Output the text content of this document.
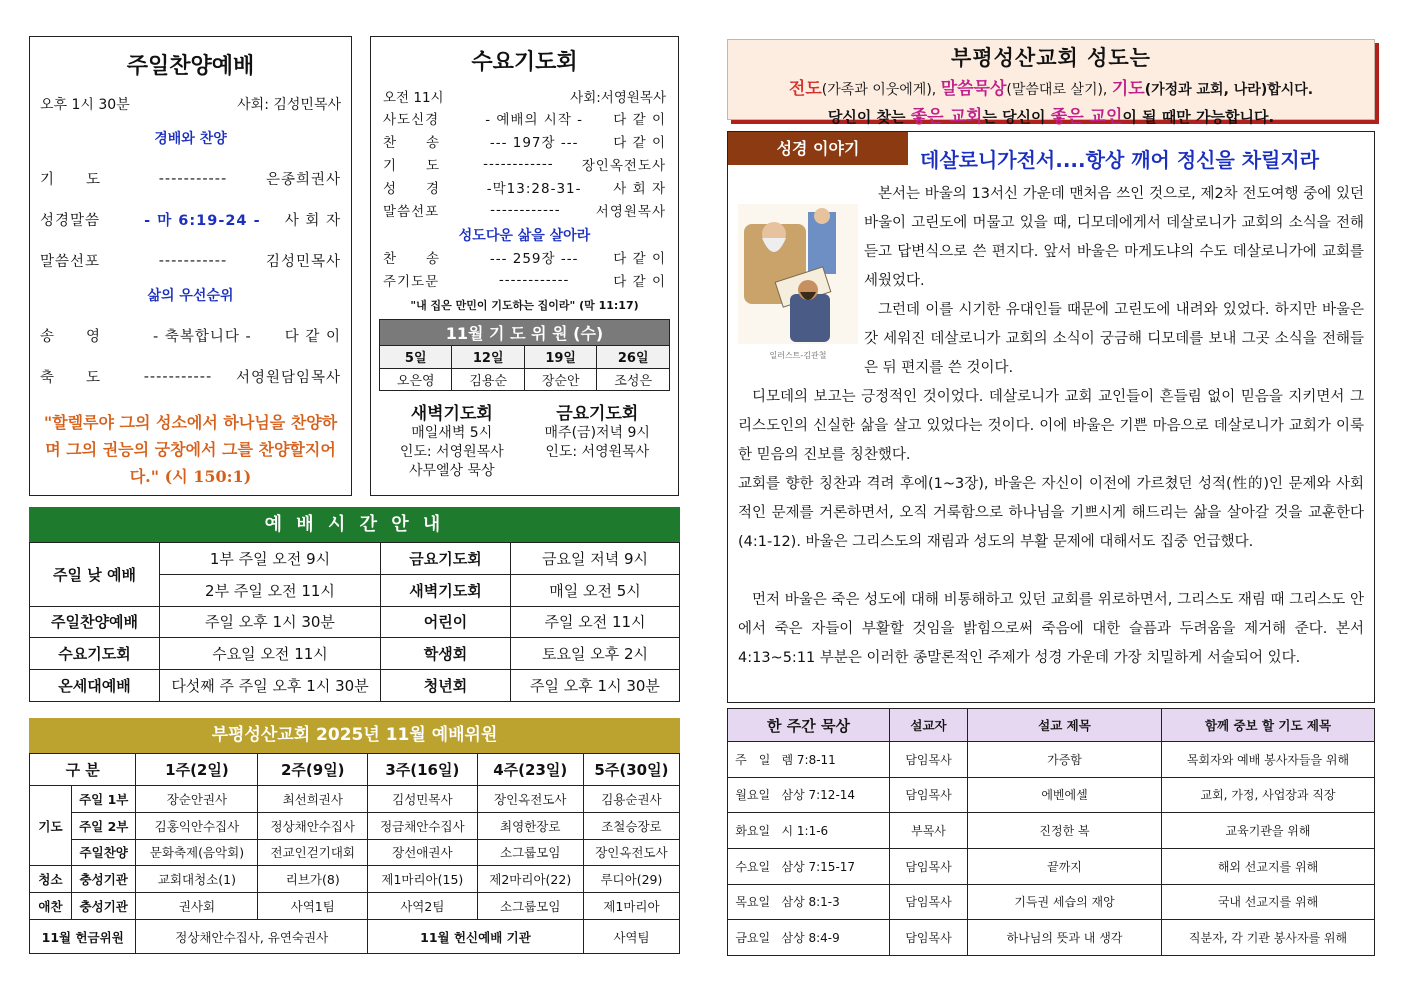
주일찬양예배
오후 1시 30분	사회: 김성민목사
경배와 찬양
기　　도	-----------	은종희권사
성경말씀	- 마 6:19-24 -	사 회 자
말씀선포	-----------	김성민목사
삶의 우선순위
송　　영	- 축복합니다 -	다 같 이
축　　도	-----------	서영원담임목사
"할렐루야 그의 성소에서 하나님을 찬양하며 그의 권능의 궁창에서 그를 찬양할지어다." (시 150:1)
수요기도회
오전 11시	사회:서영원목사
사도신경	- 예배의 시작 -	다 같 이
찬　　송	--- 197장 ---	다 같 이
기　　도	------------	장인옥전도사
성　　경	-막13:28-31-	사 회 자
말씀선포	------------	서영원목사
성도다운 삶을 살아라
찬　　송	--- 259장 ---	다 같 이
주기도문	------------	다 같 이
"내 집은 만민이 기도하는 집이라" (막 11:17)
11월 기 도 위 원 (수)			
5일	12일	19일	26일
오은영	김용순	장순안	조성은
새벽기도회
매일새벽 5시
인도: 서영원목사
사무엘상 묵상
금요기도회
매주(금)저녁 9시
인도: 서영원목사
예 배 시 간 안 내
주일 낮 예배	1부 주일 오전 9시	금요기도회	금요일 저녁 9시
	2부 주일 오전 11시	새벽기도회	매일 오전 5시
주일찬양예배	주일 오후 1시 30분	어린이	주일 오전 11시
수요기도회	수요일 오전 11시	학생회	토요일 오후 2시
온세대예배	다섯째 주 주일 오후 1시 30분	청년회	주일 오후 1시 30분
부평성산교회 2025년 11월 예배위원
구 분		1주(2일)	2주(9일)	3주(16일)	4주(23일)	5주(30일)
기도	주일 1부	장순안권사	최선희권사	김성민목사	장인옥전도사	김용순권사
	주일 2부	김홍익안수집사	정상채안수집사	정금채안수집사	최영한장로	조철승장로
	주일찬양	문화축제(음악회)	전교인걷기대회	장선애권사	소그룹모임	장인옥전도사
청소	충성기관	교회대청소(1)	리브가(8)	제1마리아(15)	제2마리아(22)	루디아(29)
애찬	충성기관	권사회	사역1팀	사역2팀	소그룹모임	제1마리아
11월 헌금위원		정상채안수집사, 유연숙권사		11월 헌신예배 기관		사역팀
부평성산교회 성도는
전도(가족과 이웃에게), 말씀묵상(말씀대로 살기), 기도(가정과 교회, 나라)합시다.
당신이 찾는 좋은 교회는 당신이 좋은 교인이 될 때만 가능합니다.
성경 이야기	데살로니가전서....항상 깨어 정신을 차릴지라
일러스트-김관철
본서는 바울의 13서신 가운데 맨처음 쓰인 것으로, 제2차 전도여행 중에 있던 바울이 고린도에 머물고 있을 때, 디모데에게서 데살로니가 교회의 소식을 전해듣고 답변식으로 쓴 편지다. 앞서 바울은 마게도냐의 수도 데살로니가에 교회를 세웠었다.
그런데 이를 시기한 유대인들 때문에 고린도에 내려와 있었다. 하지만 바울은 갓 세워진 데살로니가 교회의 소식이 궁금해 디모데를 보내 그곳 소식을 전해들은 뒤 편지를 쓴 것이다.
디모데의 보고는 긍정적인 것이었다. 데살로니가 교회 교인들이 흔들림 없이 믿음을 지키면서 그리스도인의 신실한 삶을 살고 있었다는 것이다. 이에 바울은 기쁜 마음으로 데살로니가 교회가 이룩한 믿음의 진보를 칭찬했다.
교회를 향한 칭찬과 격려 후에(1~3장), 바울은 자신이 이전에 가르쳤던 성적(性的)인 문제와 사회적인 문제를 거론하면서, 오직 거룩함으로 하나님을 기쁘시게 해드리는 삶을 살아갈 것을 교훈한다(4:1-12). 바울은 그리스도의 재림과 성도의 부활 문제에 대해서도 집중 언급했다.
먼저 바울은 죽은 성도에 대해 비통해하고 있던 교회를 위로하면서, 그리스도 재림 때 그리스도 안에서 죽은 자들이 부활할 것임을 밝힘으로써 죽음에 대한 슬픔과 두려움을 제거해 준다. 본서 4:13~5:11 부분은 이러한 종말론적인 주제가 성경 가운데 가장 치밀하게 서술되어 있다.
한 주간 묵상		설교자	설교 제목	함께 중보 할 기도 제목
주　일	렘 7:8-11	담임목사	가증함	목회자와 예배 봉사자들을 위해
월요일	삼상 7:12-14	담임목사	에벤에셀	교회, 가정, 사업장과 직장
화요일	시 1:1-6	부목사	진정한 복	교육기관을 위해
수요일	삼상 7:15-17	담임목사	끝까지	해외 선교지를 위해
목요일	삼상 8:1-3	담임목사	기득권 세습의 재앙	국내 선교지를 위해
금요일	삼상 8:4-9	담임목사	하나님의 뜻과 내 생각	직분자, 각 기관 봉사자를 위해
